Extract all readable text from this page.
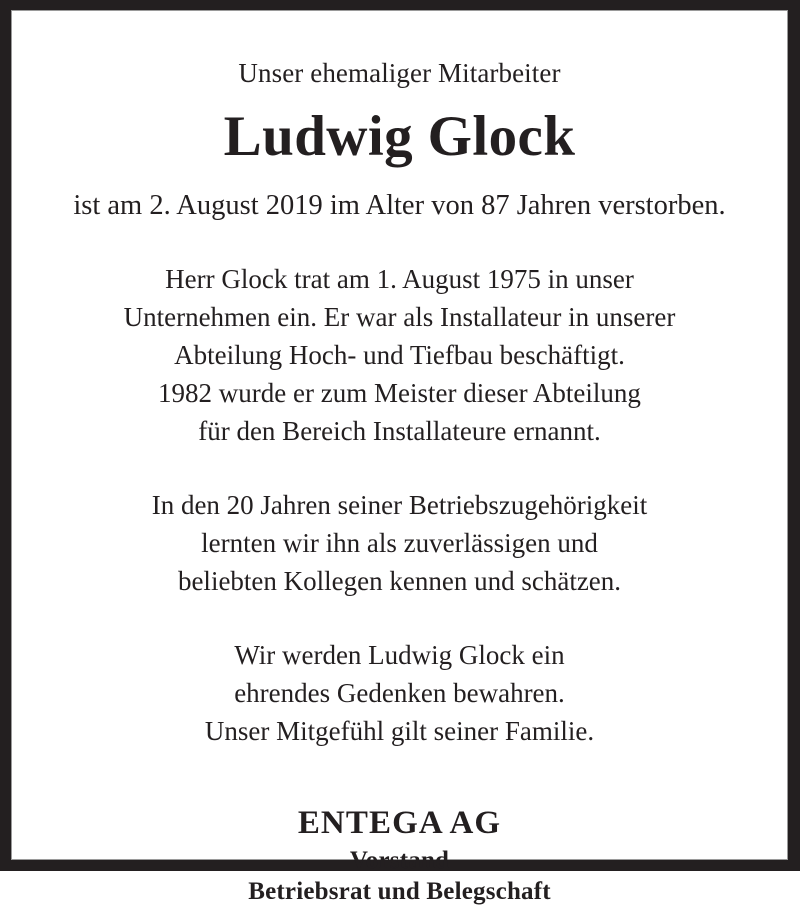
Unser ehemaliger Mitarbeiter

Ludwig Glock

ist am 2. August 2019 im Alter von 87 Jahren verstorben.

Herr Glock trat am 1. August 1975 in unser
Unternehmen ein. Er war als Installateur in unserer
Abteilung Hoch- und Tiefbau beschäftigt.
1982 wurde er zum Meister dieser Abteilung
für den Bereich Installateure ernannt.

In den 20 Jahren seiner Betriebszugehörigkeit
lernten wir ihn als zuverlässigen und
beliebten Kollegen kennen und schätzen.

Wir werden Ludwig Glock ein
ehrendes Gedenken bewahren.
Unser Mitgefühl gilt seiner Familie.

ENTEGA AG

Vorstand

Betriebsrat und Belegschaft
